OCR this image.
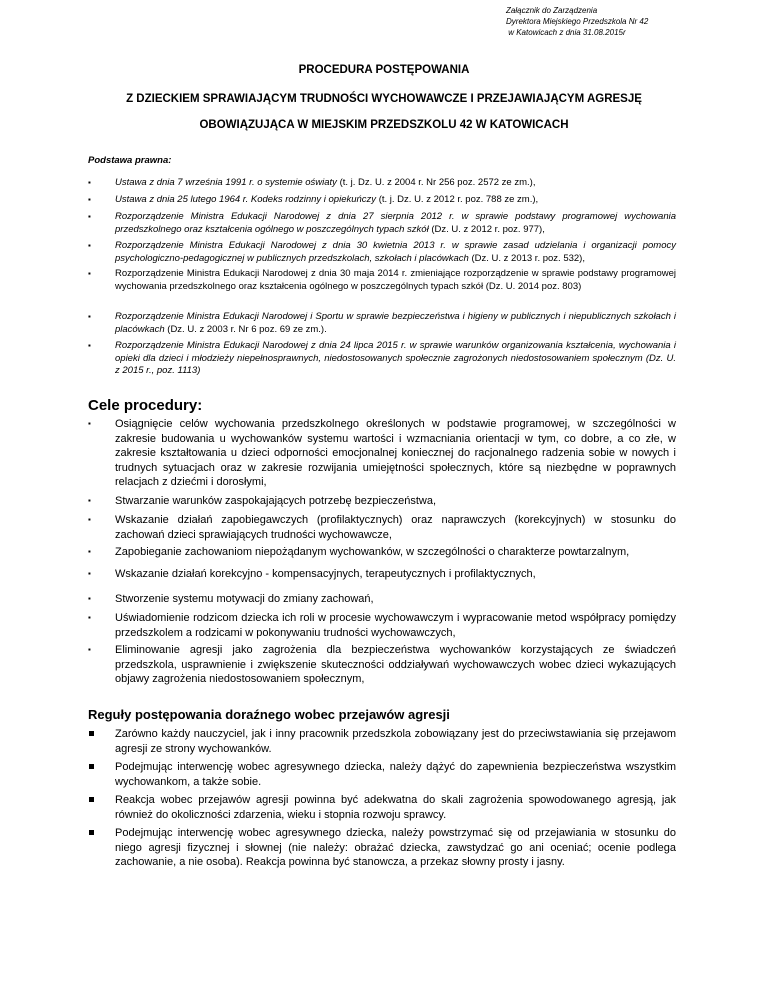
Załącznik do Zarządzenia
Dyrektora Miejskiego Przedszkola Nr 42
w Katowicach z dnia 31.08.2015r
PROCEDURA POSTĘPOWANIA
Z DZIECKIEM SPRAWIAJĄCYM TRUDNOŚCI WYCHOWAWCZE I PRZEJAWIAJĄCYM AGRESJĘ
OBOWIĄZUJĄCA W MIEJSKIM PRZEDSZKOLU 42 W KATOWICACH
Podstawa prawna:
▪	Ustawa z dnia 7 września 1991 r. o systemie oświaty (t. j. Dz. U. z 2004 r. Nr 256 poz. 2572 ze zm.),
▪	Ustawa z dnia 25 lutego 1964 r. Kodeks rodzinny i opiekuńczy (t. j. Dz. U. z 2012 r. poz. 788 ze zm.),
▪	Rozporządzenie Ministra Edukacji Narodowej z dnia 27 sierpnia 2012 r. w sprawie podstawy programowej wychowania przedszkolnego oraz kształcenia ogólnego w poszczególnych typach szkół (Dz. U. z 2012 r. poz. 977),
▪	Rozporządzenie Ministra Edukacji Narodowej z dnia 30 kwietnia 2013 r. w sprawie zasad udzielania i organizacji pomocy psychologiczno-pedagogicznej w publicznych przedszkolach, szkołach i placówkach (Dz. U. z 2013 r. poz. 532),
▪	Rozporządzenie Ministra Edukacji Narodowej z dnia 30 maja 2014 r. zmieniające rozporządzenie w sprawie podstawy programowej wychowania przedszkolnego oraz kształcenia ogólnego w poszczególnych typach szkół (Dz. U. 2014 poz. 803)
▪	Rozporządzenie Ministra Edukacji Narodowej i Sportu w sprawie bezpieczeństwa i higieny w publicznych i niepublicznych szkołach i placówkach (Dz. U. z 2003 r. Nr 6 poz. 69 ze zm.).
▪	Rozporządzenie Ministra Edukacji Narodowej z dnia 24 lipca 2015 r. w sprawie warunków organizowania kształcenia, wychowania i opieki dla dzieci i młodzieży niepełnosprawnych, niedostosowanych społecznie zagrożonych niedostosowaniem społecznym (Dz. U. z 2015 r., poz. 1113)
Cele procedury:
▪ Osiągnięcie celów wychowania przedszkolnego określonych w podstawie programowej, w szczególności w zakresie budowania u wychowanków systemu wartości i wzmacniania orientacji w tym, co dobre, a co złe, w zakresie kształtowania u dzieci odporności emocjonalnej koniecznej do racjonalnego radzenia sobie w nowych i trudnych sytuacjach oraz w zakresie rozwijania umiejętności społecznych, które są niezbędne w poprawnych relacjach z dziećmi i dorosłymi,
▪ Stwarzanie warunków zaspokajających potrzebę bezpieczeństwa,
▪ Wskazanie działań zapobiegawczych (profilaktycznych) oraz naprawczych (korekcyjnych) w stosunku do zachowań dzieci sprawiających trudności wychowawcze,
▪ Zapobieganie zachowaniom niepożądanym wychowanków, w szczególności o charakterze powtarzalnym,
▪ Wskazanie działań korekcyjno - kompensacyjnych, terapeutycznych i profilaktycznych,
▪ Stworzenie systemu motywacji do zmiany zachowań,
▪ Uświadomienie rodzicom dziecka ich roli w procesie wychowawczym i wypracowanie metod współpracy pomiędzy przedszkolem a rodzicami w pokonywaniu trudności wychowawczych,
▪ Eliminowanie agresji jako zagrożenia dla bezpieczeństwa wychowanków korzystających ze świadczeń przedszkola, usprawnienie i zwiększenie skuteczności oddziaływań wychowawczych wobec dzieci wykazujących objawy zagrożenia niedostosowaniem społecznym,
Reguły postępowania doraźnego wobec przejawów agresji
Zarówno każdy nauczyciel, jak i inny pracownik przedszkola zobowiązany jest do przeciwstawiania się przejawom agresji ze strony wychowanków.
Podejmując interwencję wobec agresywnego dziecka, należy dążyć do zapewnienia bezpieczeństwa wszystkim wychowankom, a także sobie.
Reakcja wobec przejawów agresji powinna być adekwatna do skali zagrożenia spowodowanego agresją, jak również do okoliczności zdarzenia, wieku i stopnia rozwoju sprawcy.
Podejmując interwencję wobec agresywnego dziecka, należy powstrzymać się od przejawiania w stosunku do niego agresji fizycznej i słownej (nie należy: obrażać dziecka, zawstydzać go ani oceniać; ocenie podlega zachowanie, a nie osoba). Reakcja powinna być stanowcza, a przekaz słowny prosty i jasny.
